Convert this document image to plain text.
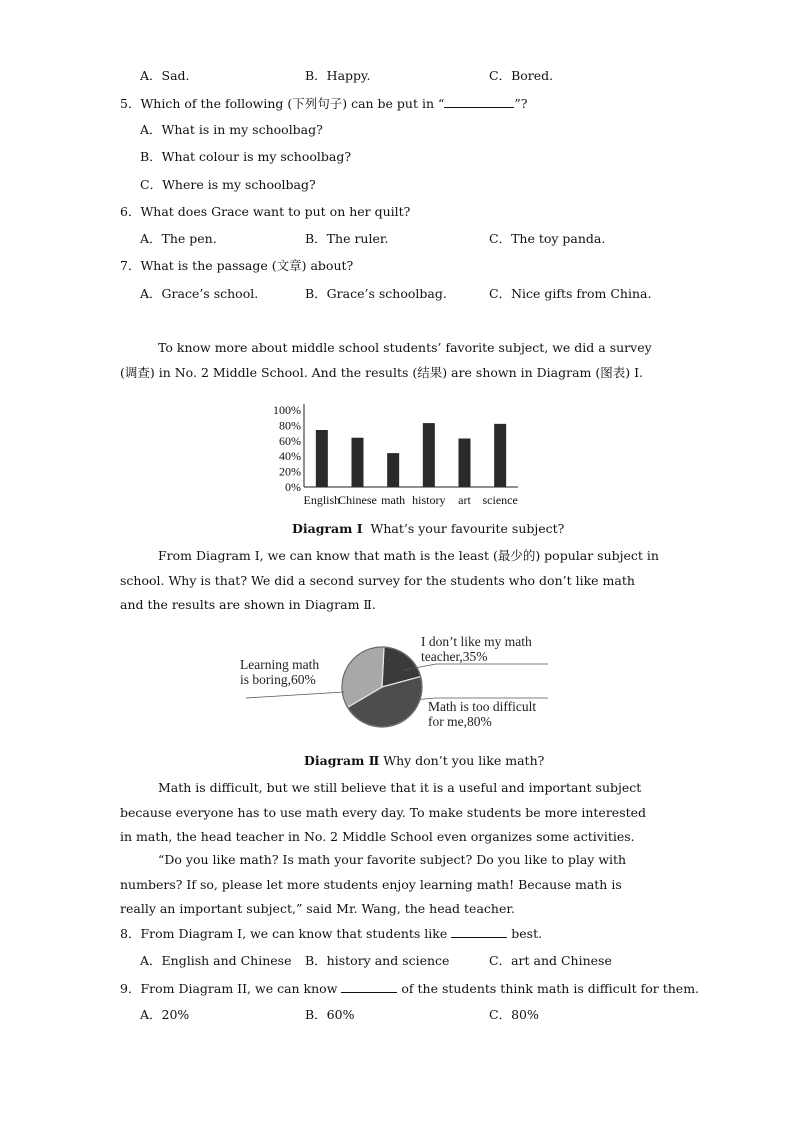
A．Sad.	B．Happy.	C．Bored.
5．Which of the following (下列句子) can be put in “	”?
A．What is in my schoolbag?
B．What colour is my schoolbag?
C．Where is my schoolbag?
6．What does Grace want to put on her quilt?
A．The pen.	B．The ruler.	C．The toy panda.
7．What is the passage (文章) about?
A．Grace’s school.	B．Grace’s schoolbag.	C．Nice gifts from China.
To know more about middle school students’ favorite subject, we did a survey (调查) in No. 2 Middle School. And the results (结果) are shown in Diagram (图表) Ⅰ.
0%
20%
40%
60%
80%
100%
English
Chinese math history art science
Diagram Ⅰ What’s your favourite subject?
From Diagram Ⅰ, we can know that math is the least (最少的) popular subject in school. Why is that? We did a second survey for the students who don’t like math and the results are shown in Diagram Ⅱ.
I don’t like my math
teacher,35%
Math is too difficult
for me,80%
Learning math
is boring,60%
Diagram Ⅱ Why don’t you like math?
Math is difficult, but we still believe that it is a useful and important subject because everyone has to use math every day. To make students be more interested in math, the head teacher in No. 2 Middle School even organizes some activities.
“Do you like math? Is math your favorite subject? Do you like to play with numbers? If so, please let more students enjoy learning math! Because math is really an important subject,” said Mr. Wang, the head teacher.
8．From Diagram I, we can know that students like	best.
A．English and Chinese B．history and science	C．art and Chinese
9．From Diagram II, we can know	of the students think math is difficult for them.
A．20%	B．60%	C．80%
